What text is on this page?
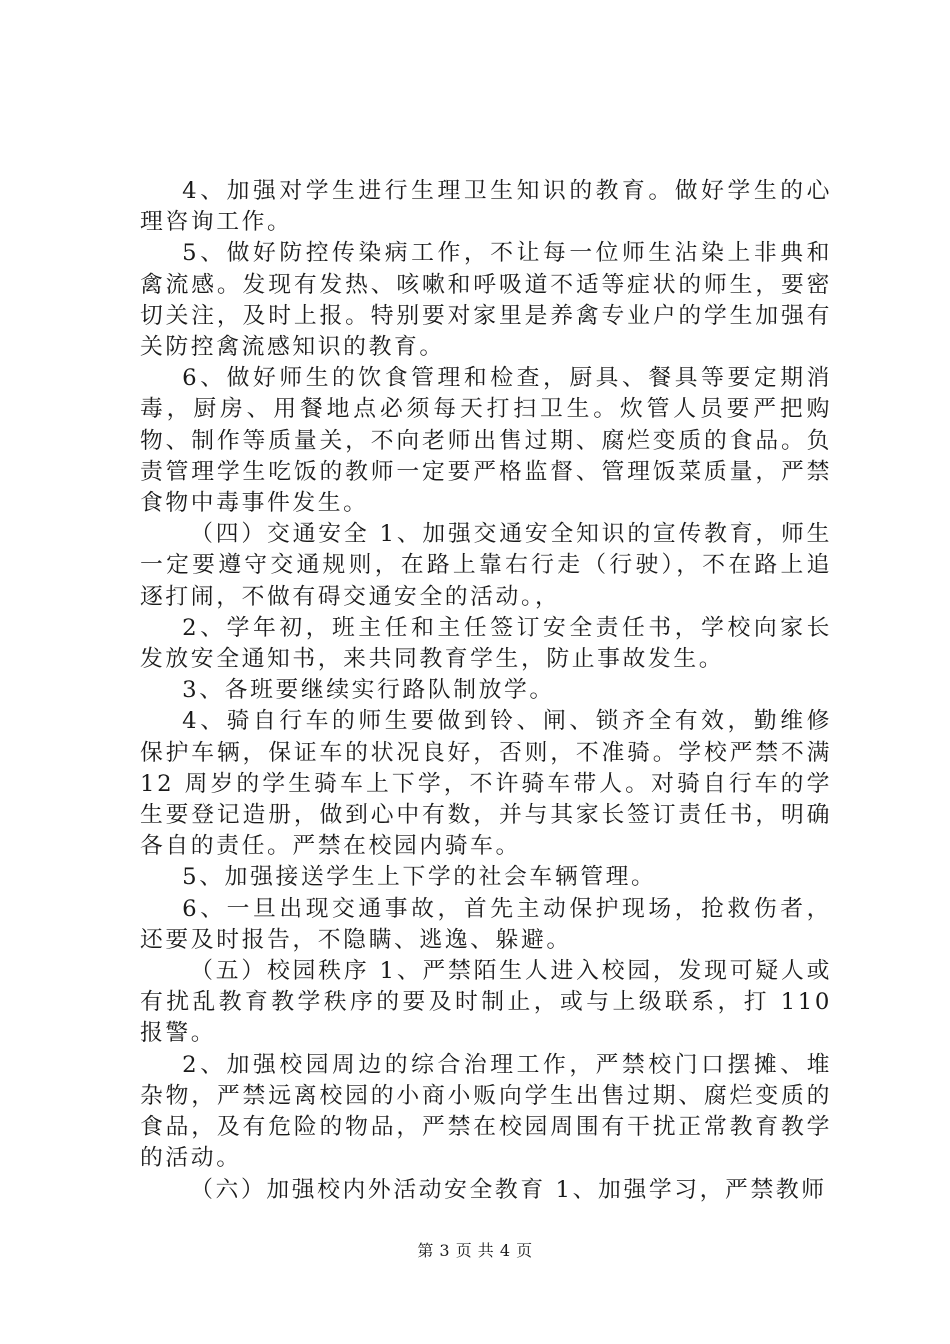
4、加强对学生进行生理卫生知识的教育。做好学生的心理咨询工作。

5、做好防控传染病工作，不让每一位师生沾染上非典和禽流感。发现有发热、咳嗽和呼吸道不适等症状的师生，要密切关注，及时上报。特别要对家里是养禽专业户的学生加强有关防控禽流感知识的教育。

6、做好师生的饮食管理和检查，厨具、餐具等要定期消毒，厨房、用餐地点必须每天打扫卫生。炊管人员要严把购物、制作等质量关，不向老师出售过期、腐烂变质的食品。负责管理学生吃饭的教师一定要严格监督、管理饭菜质量，严禁食物中毒事件发生。

（四）交通安全 1、加强交通安全知识的宣传教育，师生一定要遵守交通规则，在路上靠右行走（行驶），不在路上追逐打闹，不做有碍交通安全的活动。，

2、学年初，班主任和主任签订安全责任书，学校向家长发放安全通知书，来共同教育学生，防止事故发生。

3、各班要继续实行路队制放学。

4、骑自行车的师生要做到铃、闸、锁齐全有效，勤维修保护车辆，保证车的状况良好，否则，不准骑。学校严禁不满 12 周岁的学生骑车上下学，不许骑车带人。对骑自行车的学生要登记造册，做到心中有数，并与其家长签订责任书，明确各自的责任。严禁在校园内骑车。

5、加强接送学生上下学的社会车辆管理。

6、一旦出现交通事故，首先主动保护现场，抢救伤者，还要及时报告，不隐瞒、逃逸、躲避。

（五）校园秩序 1、严禁陌生人进入校园，发现可疑人或有扰乱教育教学秩序的要及时制止，或与上级联系，打 110 报警。

2、加强校园周边的综合治理工作，严禁校门口摆摊、堆杂物，严禁远离校园的小商小贩向学生出售过期、腐烂变质的食品，及有危险的物品，严禁在校园周围有干扰正常教育教学的活动。

（六）加强校内外活动安全教育 1、加强学习，严禁教师

第 3 页 共 4 页
